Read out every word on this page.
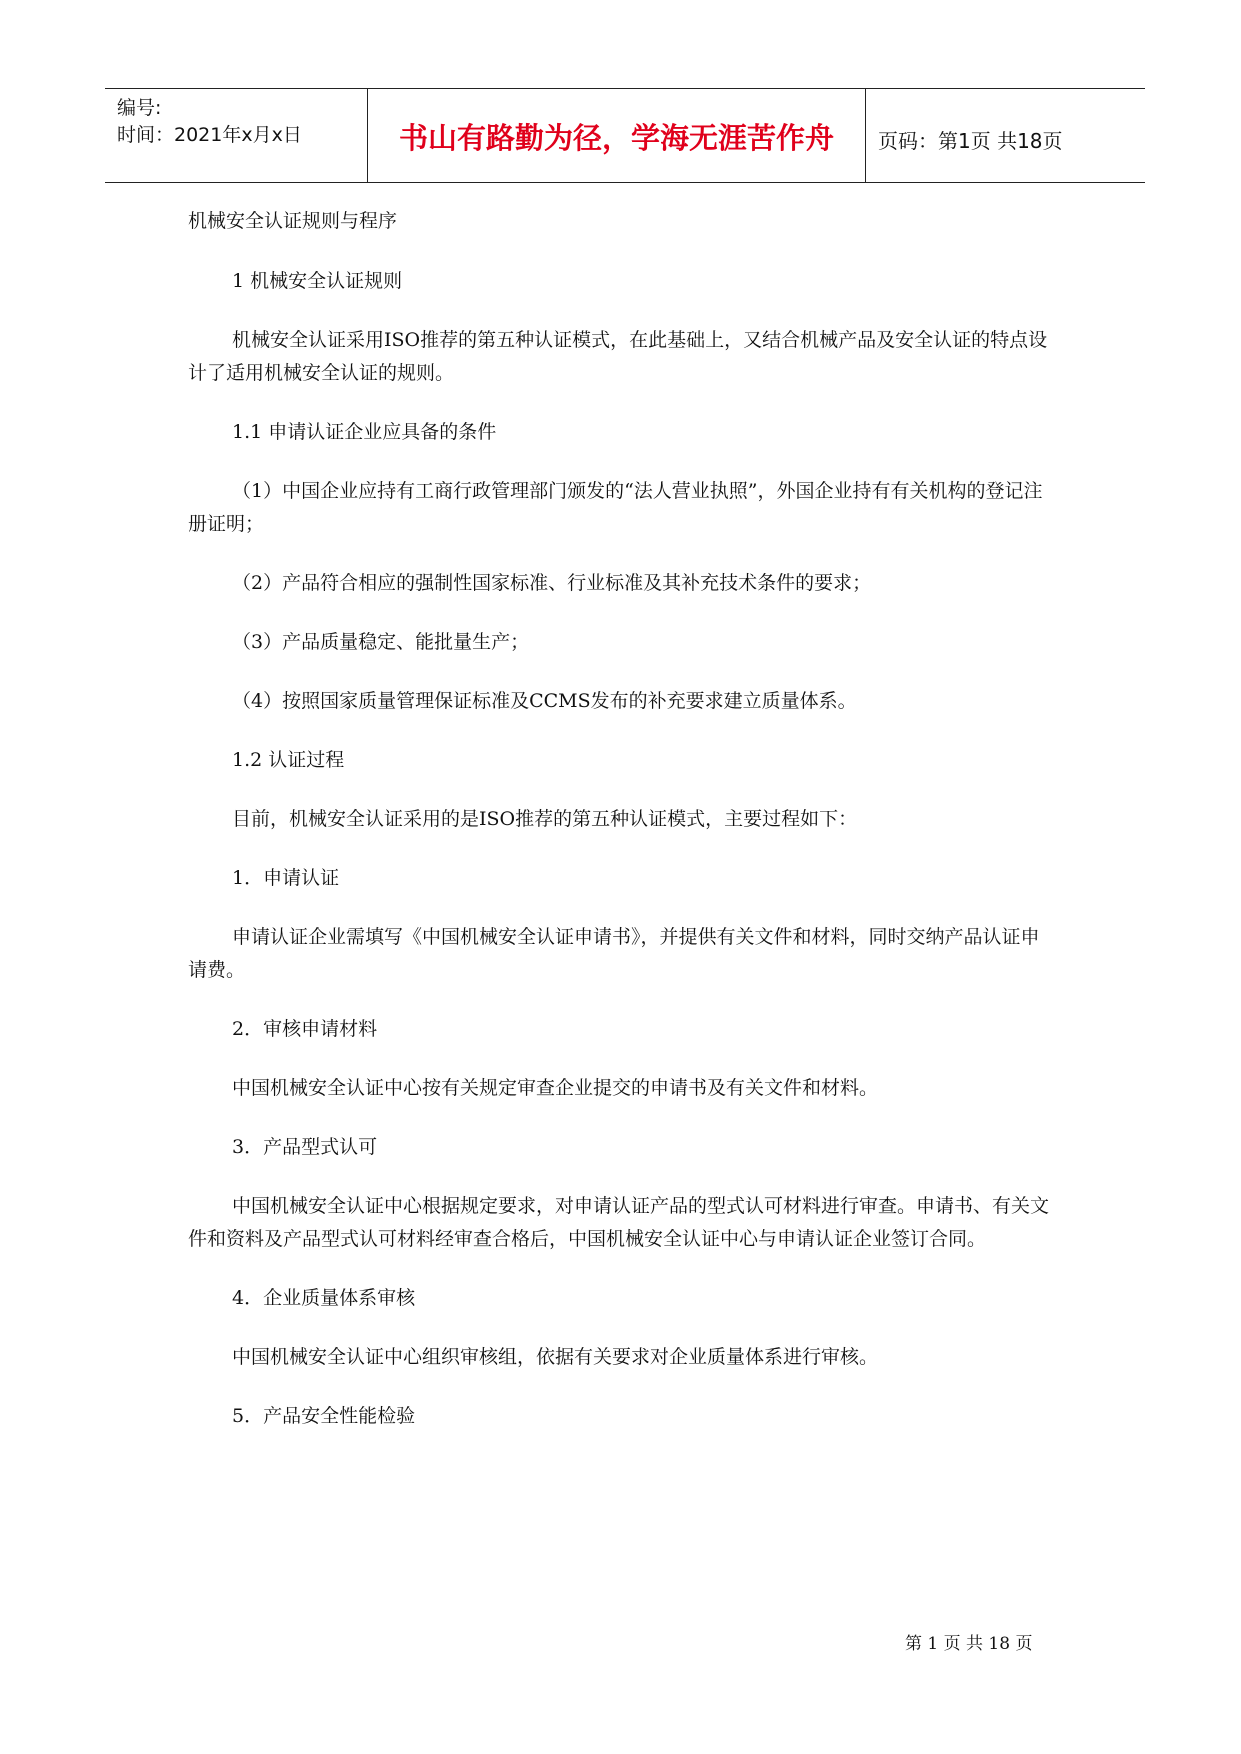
编号:
时间：2021年x月x日	书山有路勤为径，学海无涯苦作舟	页码：第1页 共18页

机械安全认证规则与程序

1 机械安全认证规则

机械安全认证采用ISO推荐的第五种认证模式，在此基础上，又结合机械产品及安全认证的特点设计了适用机械安全认证的规则。

1.1 申请认证企业应具备的条件

（1）中国企业应持有工商行政管理部门颁发的“法人营业执照”，外国企业持有有关机构的登记注册证明；

（2）产品符合相应的强制性国家标准、行业标准及其补充技术条件的要求；

（3）产品质量稳定、能批量生产；

（4）按照国家质量管理保证标准及CCMS发布的补充要求建立质量体系。

1.2 认证过程

目前，机械安全认证采用的是ISO推荐的第五种认证模式，主要过程如下：

1．申请认证

申请认证企业需填写《中国机械安全认证申请书》，并提供有关文件和材料，同时交纳产品认证申请费。

2．审核申请材料

中国机械安全认证中心按有关规定审查企业提交的申请书及有关文件和材料。

3．产品型式认可

中国机械安全认证中心根据规定要求，对申请认证产品的型式认可材料进行审查。申请书、有关文件和资料及产品型式认可材料经审查合格后，中国机械安全认证中心与申请认证企业签订合同。

4．企业质量体系审核

中国机械安全认证中心组织审核组，依据有关要求对企业质量体系进行审核。

5．产品安全性能检验

第 1 页 共 18 页
